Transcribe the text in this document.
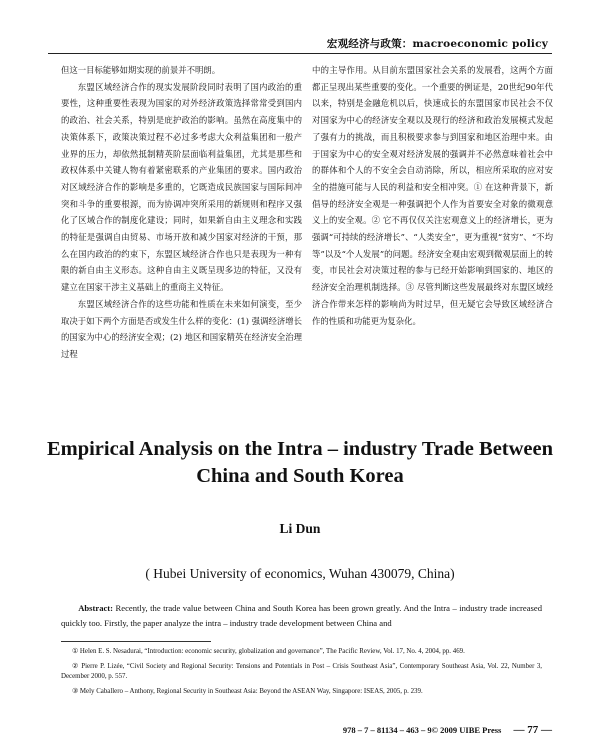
宏观经济与政策：macroeconomic policy

但这一目标能够如期实现的前景并不明朗。

东盟区域经济合作的现实发展阶段同时表明了国内政治的重要性，这种重要性表现为国家的对外经济政策选择常常受到国内的政治、社会关系，特别是庇护政治的影响。虽然在高度集中的决策体系下，政策决策过程不必过多考虑大众利益集团和一般产业界的压力，却依然抵制精英阶层面临利益集团，尤其是那些和政权体系中关键人物有着紧密联系的产业集团的要求。国内政治对区域经济合作的影响是多重的，它既造成民族国家与国际间冲突和斗争的重要根源，而为协调冲突所采用的新规则和程序又强化了区域合作的制度化建设；同时，如果新自由主义理念和实践的特征是强调自由贸易、市场开放和减少国家对经济的干预，那么在国内政治的约束下，东盟区域经济合作也只是表现为一种有限的新自由主义形态。这种自由主义既呈现多边的特征，又没有建立在国家干涉主义基础上的重商主义特征。

东盟区域经济合作的这些功能和性质在未来如何演变，至少取决于如下两个方面是否或发生什么样的变化：(1) 强调经济增长的国家为中心的经济安全观；(2) 地区和国家精英在经济安全治理过程

中的主导作用。从目前东盟国家社会关系的发展看，这两个方面都正呈现出某些重要的变化。一个重要的例证是，20世纪90年代以来，特别是金融危机以后，快速成长的东盟国家市民社会不仅对国家为中心的经济安全观以及现行的经济和政治发展模式发起了强有力的挑战，而且积极要求参与到国家和地区治理中来。由于国家为中心的安全观对经济发展的强调并不必然意味着社会中的群体和个人的不安全会自动消除，所以，相应所采取的应对安全的措施可能与人民的利益和安全相冲突。① 在这种背景下，新倡导的经济安全观是一种强调把个人作为首要安全对象的微观意义上的安全观。② 它不再仅仅关注宏观意义上的经济增长，更为强调“可持续的经济增长”、“人类安全”，更为重视“贫穷”、“不均等”以及“个人发展”的问题。经济安全观由宏观到微观层面上的转变，市民社会对决策过程的参与已经开始影响到国家的、地区的经济安全治理机制选择。③ 尽管判断这些发展最终对东盟区域经济合作带来怎样的影响尚为时过早，但无疑它会导致区域经济合作的性质和功能更为复杂化。

Empirical Analysis on the Intra – industry Trade Between
China and South Korea
Li Dun
( Hubei University of economics, Wuhan 430079, China)
Abstract: Recently, the trade value between China and South Korea has been grown greatly. And the Intra – industry trade increased quickly too. Firstly, the paper analyze the intra – industry trade development between China and

① Helen E. S. Nesadurai, “Introduction: economic security, globalization and governance”, The Pacific Review, Vol. 17, No. 4, 2004, pp. 469.

② Pierre P. Lizée, “Civil Society and Regional Security: Tensions and Potentials in Post – Crisis Southeast Asia”, Contemporary Southeast Asia, Vol. 22, Number 3, December 2000, p. 557.

③ Mely Caballero – Anthony, Regional Security in Southeast Asia: Beyond the ASEAN Way, Singapore: ISEAS, 2005, p. 239.

978 – 7 – 81134 – 463 – 9© 2009 UIBE Press — 77 —
